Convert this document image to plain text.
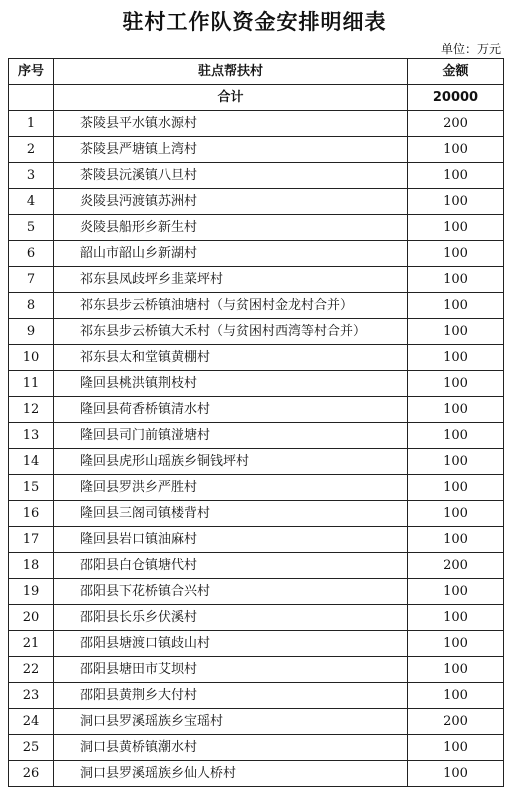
驻村工作队资金安排明细表
单位：万元
序号	驻点帮扶村	金额
	合计	20000
1	茶陵县平水镇水源村	200
2	茶陵县严塘镇上湾村	100
3	茶陵县沅溪镇八旦村	100
4	炎陵县沔渡镇苏洲村	100
5	炎陵县船形乡新生村	100
6	韶山市韶山乡新湖村	100
7	祁东县凤歧坪乡韭菜坪村	100
8	祁东县步云桥镇油塘村（与贫困村金龙村合并）	100
9	祁东县步云桥镇大禾村（与贫困村西湾等村合并）	100
10	祁东县太和堂镇黄棚村	100
11	隆回县桃洪镇荆枝村	100
12	隆回县荷香桥镇清水村	100
13	隆回县司门前镇湴塘村	100
14	隆回县虎形山瑶族乡铜钱坪村	100
15	隆回县罗洪乡严胜村	100
16	隆回县三阁司镇楼背村	100
17	隆回县岩口镇油麻村	100
18	邵阳县白仓镇塘代村	200
19	邵阳县下花桥镇合兴村	100
20	邵阳县长乐乡伏溪村	100
21	邵阳县塘渡口镇歧山村	100
22	邵阳县塘田市艾坝村	100
23	邵阳县黄荆乡大付村	100
24	洞口县罗溪瑶族乡宝瑶村	200
25	洞口县黄桥镇潮水村	100
26	洞口县罗溪瑶族乡仙人桥村	100
